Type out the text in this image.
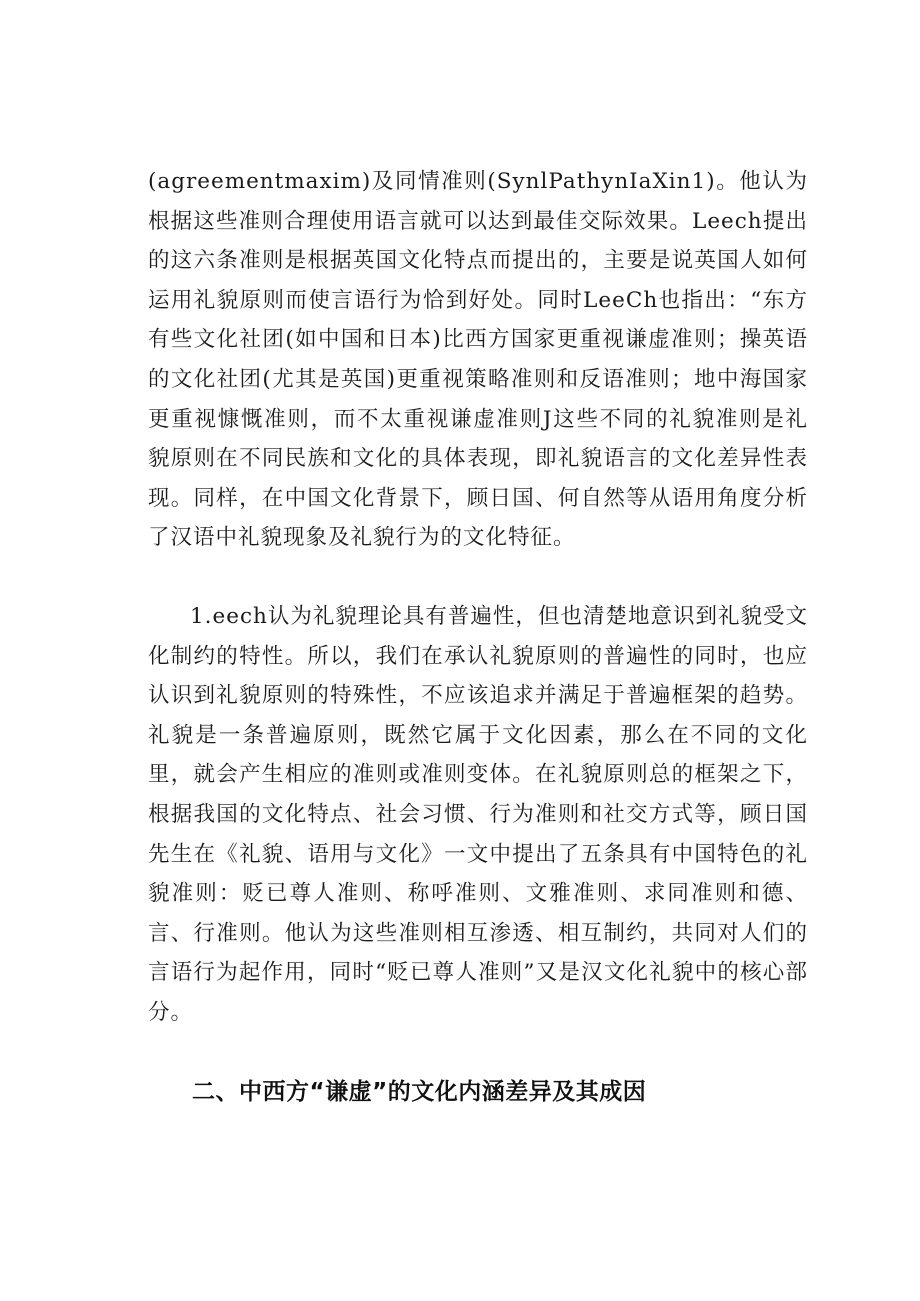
(agreementmaxim)及同情准则(SynlPathynIaXin1)。他认为根据这些准则合理使用语言就可以达到最佳交际效果。Leech提出的这六条准则是根据英国文化特点而提出的，主要是说英国人如何运用礼貌原则而使言语行为恰到好处。同时LeeCh也指出：“东方有些文化社团(如中国和日本)比西方国家更重视谦虚准则；操英语的文化社团(尤其是英国)更重视策略准则和反语准则；地中海国家更重视慷慨准则，而不太重视谦虚准则J这些不同的礼貌准则是礼貌原则在不同民族和文化的具体表现，即礼貌语言的文化差异性表现。同样，在中国文化背景下，顾日国、何自然等从语用角度分析了汉语中礼貌现象及礼貌行为的文化特征。

1.eech认为礼貌理论具有普遍性，但也清楚地意识到礼貌受文化制约的特性。所以，我们在承认礼貌原则的普遍性的同时，也应认识到礼貌原则的特殊性，不应该追求并满足于普遍框架的趋势。礼貌是一条普遍原则，既然它属于文化因素，那么在不同的文化里，就会产生相应的准则或准则变体。在礼貌原则总的框架之下，根据我国的文化特点、社会习惯、行为准则和社交方式等，顾日国先生在《礼貌、语用与文化》一文中提出了五条具有中国特色的礼貌准则：贬已尊人准则、称呼准则、文雅准则、求同准则和德、言、行准则。他认为这些准则相互渗透、相互制约，共同对人们的言语行为起作用，同时“贬已尊人准则”又是汉文化礼貌中的核心部分。

二、中西方“谦虚”的文化内涵差异及其成因
